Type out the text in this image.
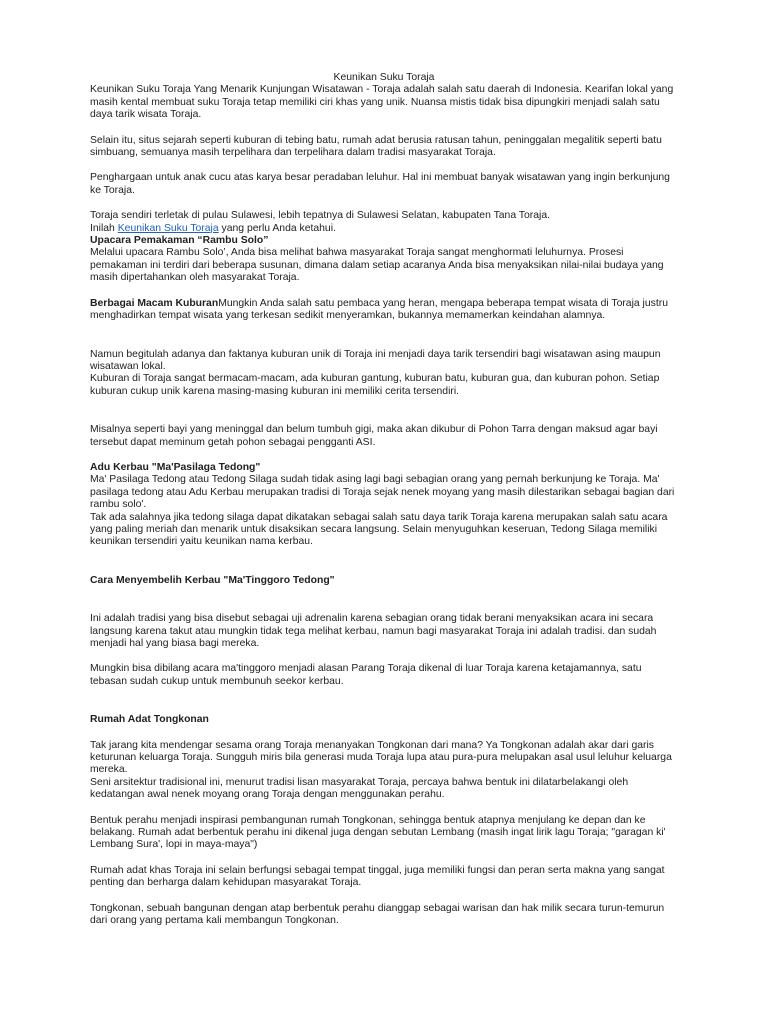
Keunikan Suku Toraja

Keunikan Suku Toraja Yang Menarik Kunjungan Wisatawan - Toraja adalah salah satu daerah di Indonesia. Kearifan lokal yang masih kental membuat suku Toraja tetap memiliki ciri khas yang unik. Nuansa mistis tidak bisa dipungkiri menjadi salah satu daya tarik wisata Toraja.

Selain itu, situs sejarah seperti kuburan di tebing batu, rumah adat berusia ratusan tahun, peninggalan megalitik seperti batu simbuang, semuanya masih terpelihara dan terpelihara dalam tradisi masyarakat Toraja.

Penghargaan untuk anak cucu atas karya besar peradaban leluhur. Hal ini membuat banyak wisatawan yang ingin berkunjung ke Toraja.

Toraja sendiri terletak di pulau Sulawesi, lebih tepatnya di Sulawesi Selatan, kabupaten Tana Toraja.

Inilah Keunikan Suku Toraja yang perlu Anda ketahui.

Upacara Pemakaman “Rambu Solo”

Melalui upacara Rambu Solo’, Anda bisa melihat bahwa masyarakat Toraja sangat menghormati leluhurnya. Prosesi pemakaman ini terdiri dari beberapa susunan, dimana dalam setiap acaranya Anda bisa menyaksikan nilai-nilai budaya yang masih dipertahankan oleh masyarakat Toraja.

Berbagai Macam KuburanMungkin Anda salah satu pembaca yang heran, mengapa beberapa tempat wisata di Toraja justru menghadirkan tempat wisata yang terkesan sedikit menyeramkan, bukannya memamerkan keindahan alamnya.

Namun begitulah adanya dan faktanya kuburan unik di Toraja ini menjadi daya tarik tersendiri bagi wisatawan asing maupun wisatawan lokal.

Kuburan di Toraja sangat bermacam-macam, ada kuburan gantung, kuburan batu, kuburan gua, dan kuburan pohon. Setiap kuburan cukup unik karena masing-masing kuburan ini memiliki cerita tersendiri.

Misalnya seperti bayi yang meninggal dan belum tumbuh gigi, maka akan dikubur di Pohon Tarra dengan maksud agar bayi tersebut dapat meminum getah pohon sebagai pengganti ASI.

Adu Kerbau "Ma'Pasilaga Tedong"

Ma' Pasilaga Tedong atau Tedong Silaga sudah tidak asing lagi bagi sebagian orang yang pernah berkunjung ke Toraja. Ma' pasilaga tedong atau Adu Kerbau merupakan tradisi di Toraja sejak nenek moyang yang masih dilestarikan sebagai bagian dari rambu solo'.

Tak ada salahnya jika tedong silaga dapat dikatakan sebagai salah satu daya tarik Toraja karena merupakan salah satu acara yang paling meriah dan menarik untuk disaksikan secara langsung. Selain menyuguhkan keseruan, Tedong Silaga memiliki keunikan tersendiri yaitu keunikan nama kerbau.

Cara Menyembelih Kerbau "Ma'Tinggoro Tedong"

Ini adalah tradisi yang bisa disebut sebagai uji adrenalin karena sebagian orang tidak berani menyaksikan acara ini secara langsung karena takut atau mungkin tidak tega melihat kerbau, namun bagi masyarakat Toraja ini adalah tradisi. dan sudah menjadi hal yang biasa bagi mereka.

Mungkin bisa dibilang acara ma'tinggoro menjadi alasan Parang Toraja dikenal di luar Toraja karena ketajamannya, satu tebasan sudah cukup untuk membunuh seekor kerbau.

Rumah Adat Tongkonan

Tak jarang kita mendengar sesama orang Toraja menanyakan Tongkonan dari mana? Ya Tongkonan adalah akar dari garis keturunan keluarga Toraja. Sungguh miris bila generasi muda Toraja lupa atau pura-pura melupakan asal usul leluhur keluarga mereka.

Seni arsitektur tradisional ini, menurut tradisi lisan masyarakat Toraja, percaya bahwa bentuk ini dilatarbelakangi oleh kedatangan awal nenek moyang orang Toraja dengan menggunakan perahu.

Bentuk perahu menjadi inspirasi pembangunan rumah Tongkonan, sehingga bentuk atapnya menjulang ke depan dan ke belakang. Rumah adat berbentuk perahu ini dikenal juga dengan sebutan Lembang (masih ingat lirik lagu Toraja; "garagan ki' Lembang Sura', lopi in maya-maya")

Rumah adat khas Toraja ini selain berfungsi sebagai tempat tinggal, juga memiliki fungsi dan peran serta makna yang sangat penting dan berharga dalam kehidupan masyarakat Toraja.

Tongkonan, sebuah bangunan dengan atap berbentuk perahu dianggap sebagai warisan dan hak milik secara turun-temurun dari orang yang pertama kali membangun Tongkonan.
